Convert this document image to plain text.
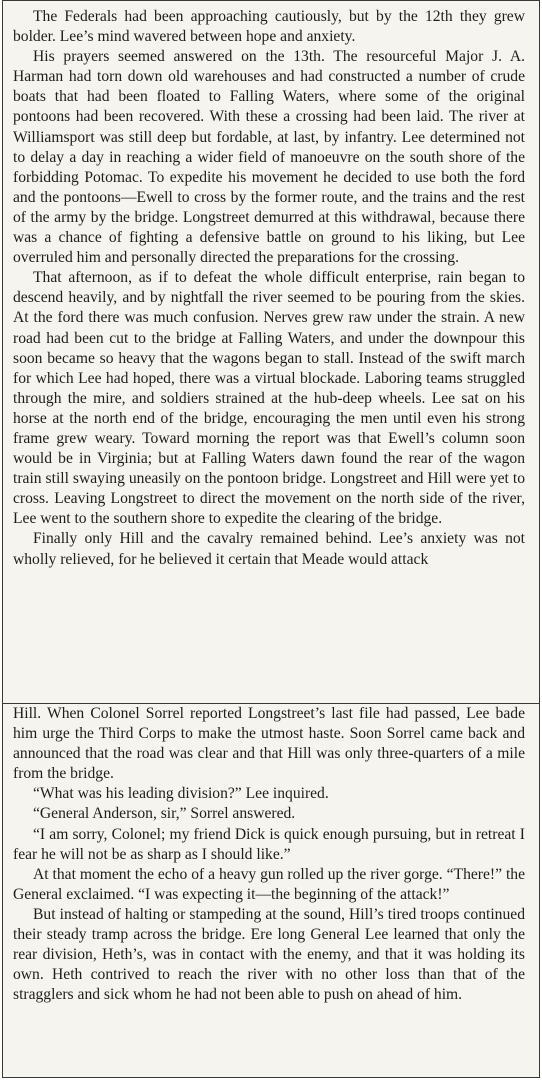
The Federals had been approaching cautiously, but by the 12th they grew bolder. Lee’s mind wavered between hope and anxiety.

His prayers seemed answered on the 13th. The resourceful Major J. A. Harman had torn down old warehouses and had constructed a number of crude boats that had been floated to Falling Waters, where some of the original pontoons had been recovered. With these a crossing had been laid. The river at Williamsport was still deep but fordable, at last, by infantry. Lee determined not to delay a day in reaching a wider field of manoeuvre on the south shore of the forbidding Potomac. To expedite his movement he decided to use both the ford and the pontoons—Ewell to cross by the former route, and the trains and the rest of the army by the bridge. Longstreet demurred at this withdrawal, because there was a chance of fighting a defensive battle on ground to his liking, but Lee overruled him and personally directed the preparations for the crossing.

That afternoon, as if to defeat the whole difficult enterprise, rain began to descend heavily, and by nightfall the river seemed to be pouring from the skies. At the ford there was much confusion. Nerves grew raw under the strain. A new road had been cut to the bridge at Falling Waters, and under the downpour this soon became so heavy that the wagons began to stall. Instead of the swift march for which Lee had hoped, there was a virtual blockade. Laboring teams struggled through the mire, and soldiers strained at the hub-deep wheels. Lee sat on his horse at the north end of the bridge, encouraging the men until even his strong frame grew weary. Toward morning the report was that Ewell’s column soon would be in Virginia; but at Falling Waters dawn found the rear of the wagon train still swaying uneasily on the pontoon bridge. Longstreet and Hill were yet to cross. Leaving Longstreet to direct the movement on the north side of the river, Lee went to the southern shore to expedite the clearing of the bridge.

Finally only Hill and the cavalry remained behind. Lee’s anxiety was not wholly relieved, for he believed it certain that Meade would attack

Hill. When Colonel Sorrel reported Longstreet’s last file had passed, Lee bade him urge the Third Corps to make the utmost haste. Soon Sorrel came back and announced that the road was clear and that Hill was only three-quarters of a mile from the bridge.

“What was his leading division?” Lee inquired.

“General Anderson, sir,” Sorrel answered.

“I am sorry, Colonel; my friend Dick is quick enough pursuing, but in retreat I fear he will not be as sharp as I should like.”

At that moment the echo of a heavy gun rolled up the river gorge. “There!” the General exclaimed. “I was expecting it—the beginning of the attack!”

But instead of halting or stampeding at the sound, Hill’s tired troops continued their steady tramp across the bridge. Ere long General Lee learned that only the rear division, Heth’s, was in contact with the enemy, and that it was holding its own. Heth contrived to reach the river with no other loss than that of the stragglers and sick whom he had not been able to push on ahead of him.
